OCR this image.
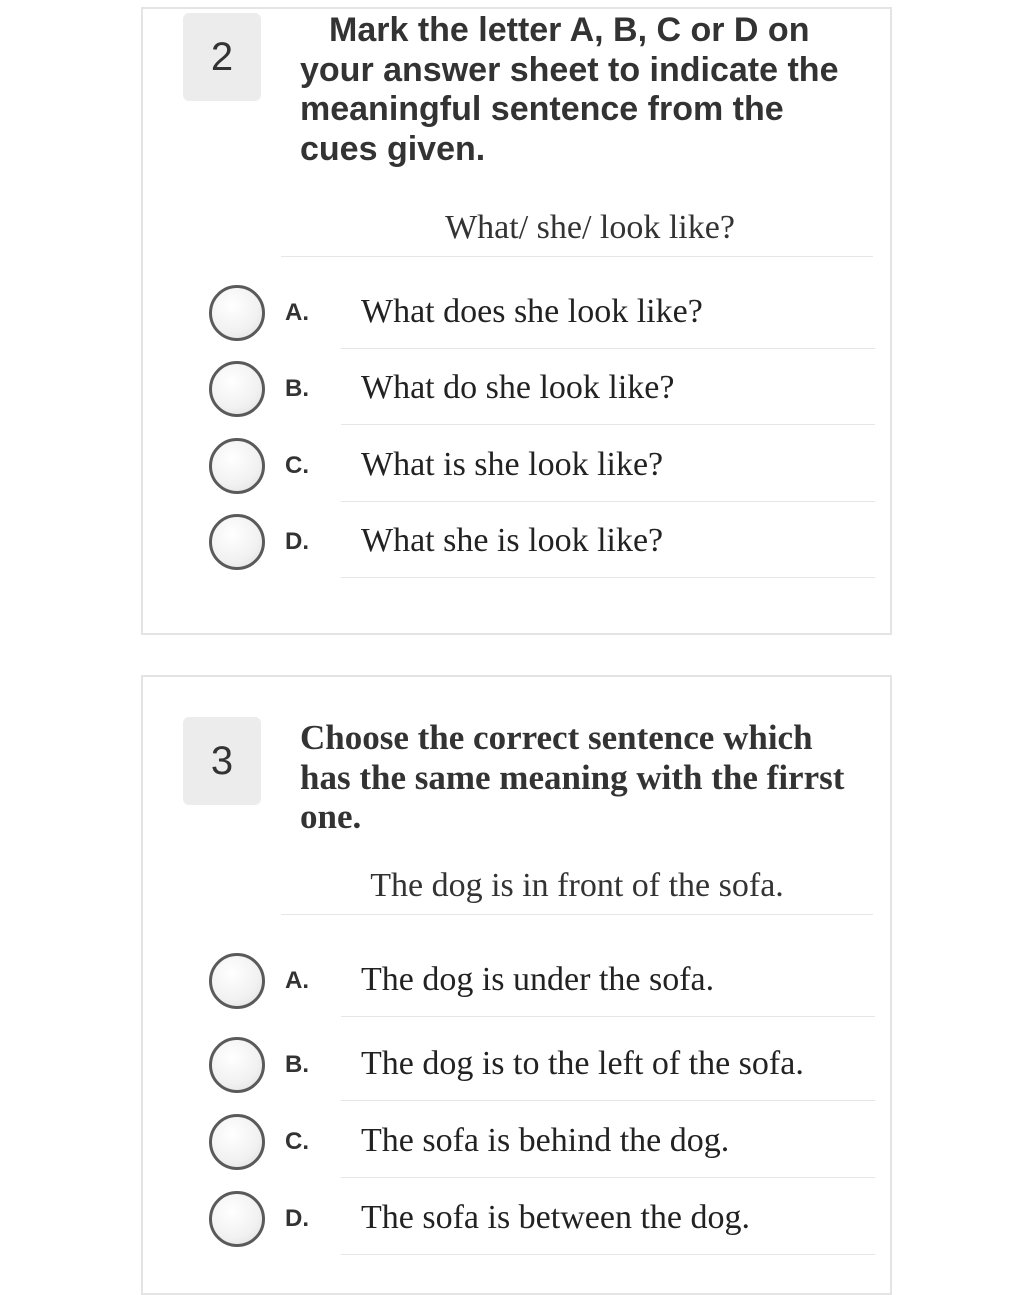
2

Mark the letter A, B, C or D on your answer sheet to indicate the meaningful sentence from the cues given.

What/ she/ look like?
A.	What does she look like?
B.	What do she look like?
C.	What is she look like?
D.	What she is look like?
3

Choose the correct sentence which has the same meaning with the firrst one.

The dog is in front of the sofa.
A.	The dog is under the sofa.
B.	The dog is to the left of the sofa.
C.	The sofa is behind the dog.
D.	The sofa is between the dog.
